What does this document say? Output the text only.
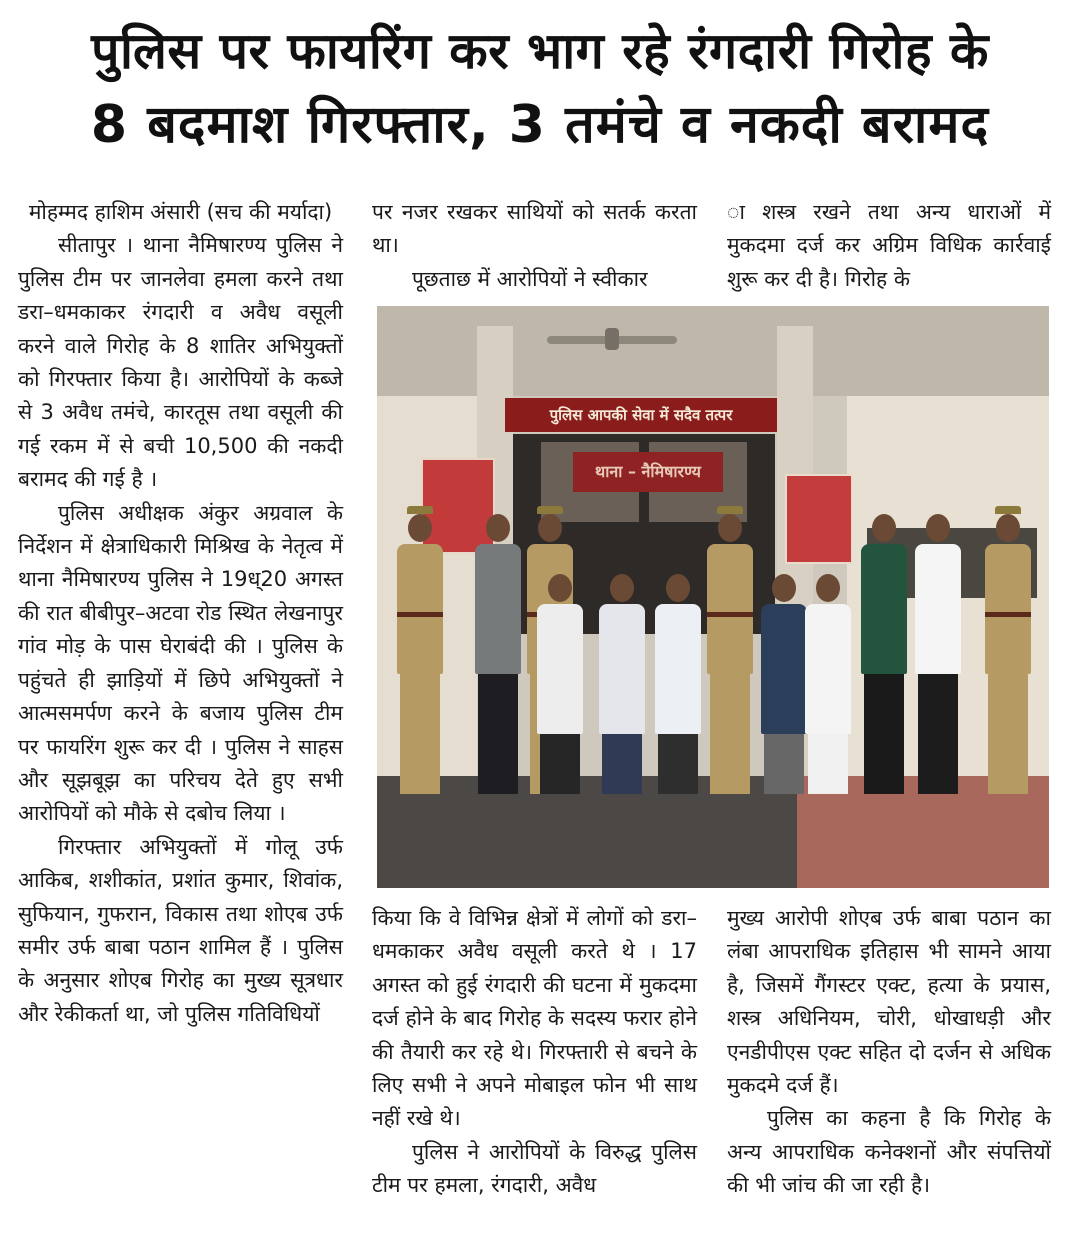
पुलिस पर फायरिंग कर भाग रहे रंगदारी गिरोह के
8 बदमाश गिरफ्तार, 3 तमंचे व नकदी बरामद

मोहम्मद हाशिम अंसारी (सच की मर्यादा)

सीतापुर । थाना नैमिषारण्य पुलिस ने पुलिस टीम पर जानलेवा हमला करने तथा डरा–धमकाकर रंगदारी व अवैध वसूली करने वाले गिरोह के 8 शातिर अभियुक्तों को गिरफ्तार किया है। आरोपियों के कब्जे से 3 अवैध तमंचे, कारतूस तथा वसूली की गई रकम में से बची 10,500 की नकदी बरामद की गई है ।

पुलिस अधीक्षक अंकुर अग्रवाल के निर्देशन में क्षेत्राधिकारी मिश्रिख के नेतृत्व में थाना नैमिषारण्य पुलिस ने 19ध्20 अगस्त की रात बीबीपुर–अटवा रोड स्थित लेखनापुर गांव मोड़ के पास घेराबंदी की । पुलिस के पहुंचते ही झाड़ियों में छिपे अभियुक्तों ने आत्मसमर्पण करने के बजाय पुलिस टीम पर फायरिंग शुरू कर दी । पुलिस ने साहस और सूझबूझ का परिचय देते हुए सभी आरोपियों को मौके से दबोच लिया ।

गिरफ्तार अभियुक्तों में गोलू उर्फ आकिब, शशीकांत, प्रशांत कुमार, शिवांक, सुफियान, गुफरान, विकास तथा शोएब उर्फ समीर उर्फ बाबा पठान शामिल हैं । पुलिस के अनुसार शोएब गिरोह का मुख्य सूत्रधार और रेकीकर्ता था, जो पुलिस गतिविधियों

पर नजर रखकर साथियों को सतर्क करता था।

पूछताछ में आरोपियों ने स्वीकार

ा शस्त्र रखने तथा अन्य धाराओं में मुकदमा दर्ज कर अग्रिम विधिक कार्रवाई शुरू कर दी है। गिरोह के

थाना – नैमिषारण्य
पुलिस आपकी सेवा में सदैव तत्पर

किया कि वे विभिन्न क्षेत्रों में लोगों को डरा–धमकाकर अवैध वसूली करते थे । 17 अगस्त को हुई रंगदारी की घटना में मुकदमा दर्ज होने के बाद गिरोह के सदस्य फरार होने की तैयारी कर रहे थे। गिरफ्तारी से बचने के लिए सभी ने अपने मोबाइल फोन भी साथ नहीं रखे थे।

पुलिस ने आरोपियों के विरुद्ध पुलिस टीम पर हमला, रंगदारी, अवैध

मुख्य आरोपी शोएब उर्फ बाबा पठान का लंबा आपराधिक इतिहास भी सामने आया है, जिसमें गैंगस्टर एक्ट, हत्या के प्रयास, शस्त्र अधिनियम, चोरी, धोखाधड़ी और एनडीपीएस एक्ट सहित दो दर्जन से अधिक मुकदमे दर्ज हैं।

पुलिस का कहना है कि गिरोह के अन्य आपराधिक कनेक्शनों और संपत्तियों की भी जांच की जा रही है।
